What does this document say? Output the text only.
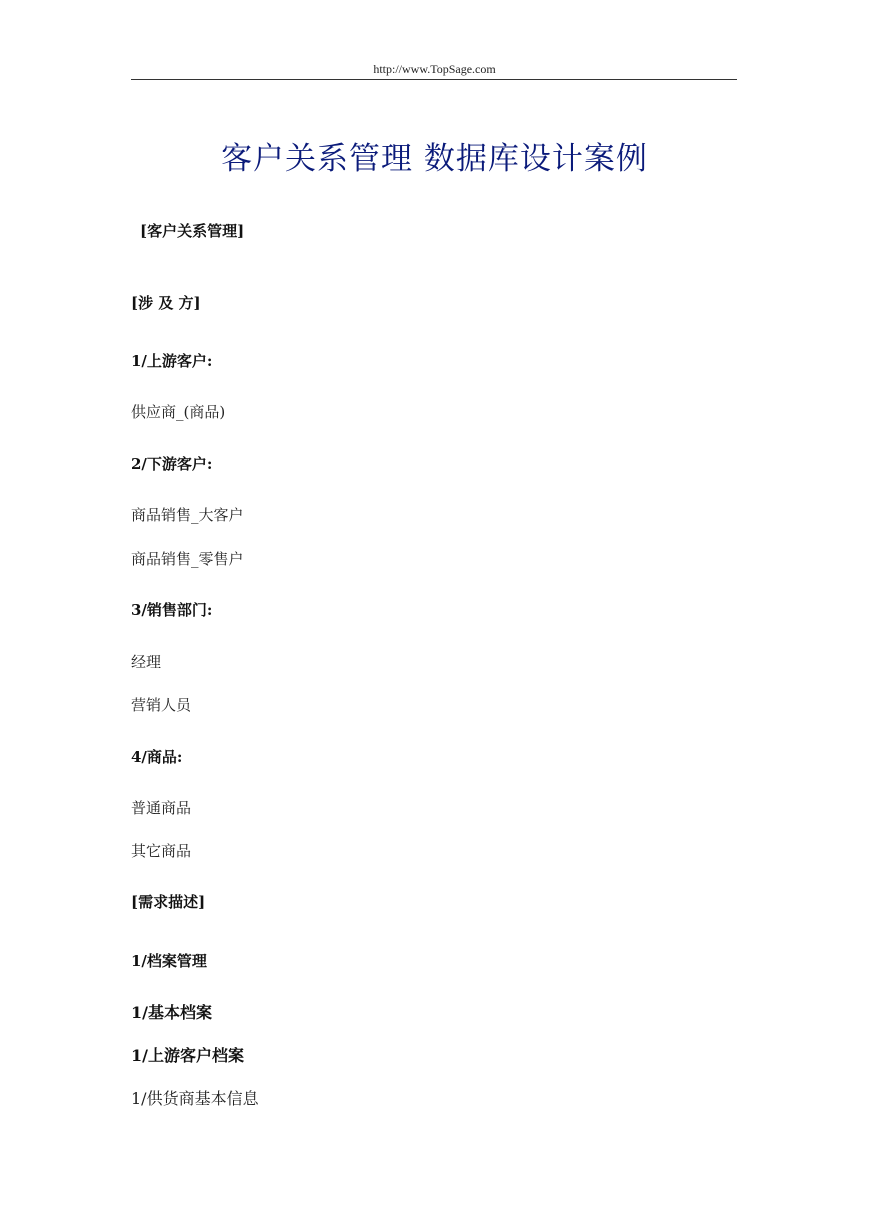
http://www.TopSage.com
客户关系管理 数据库设计案例
[客户关系管理]
[涉 及 方]
1/上游客户:
供应商_(商品)
2/下游客户:
商品销售_大客户
商品销售_零售户
3/销售部门:
经理
营销人员
4/商品:
普通商品
其它商品
[需求描述]
1/档案管理
1/基本档案
1/上游客户档案
1/供货商基本信息
